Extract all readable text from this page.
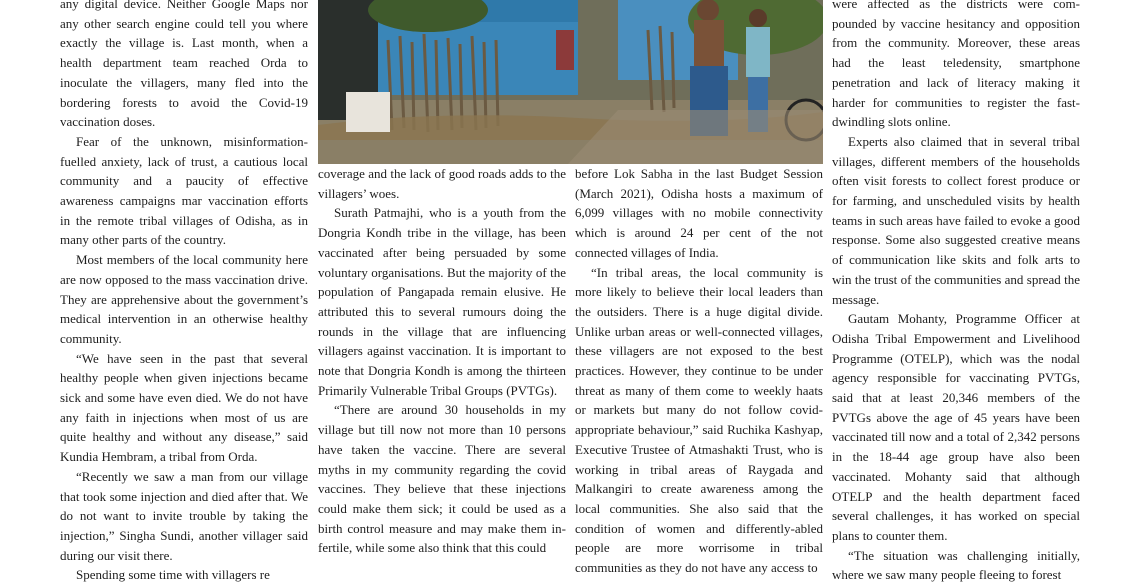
any digital device. Neither Google Maps nor any other search engine could tell you where exactly the village is. Last month, when a health department team reached Orda to inoculate the villagers, many fled into the bordering forests to avoid the Covid-19 vaccination doses.

Fear of the unknown, misinformation-fuelled anxiety, lack of trust, a cautious local community and a paucity of effective awareness campaigns mar vaccination efforts in the remote tribal villages of Odisha, as in many other parts of the country.

Most members of the local community here are now opposed to the mass vaccination drive. They are apprehensive about the government’s medical intervention in an otherwise healthy community.

“We have seen in the past that several healthy people when given injections became sick and some have even died. We do not have any faith in injections when most of us are quite healthy and without any disease,” said Kundia Hembram, a tribal from Orda.

“Recently we saw a man from our village that took some injection and died after that. We do not want to invite trouble by taking the injection,” Singha Sundi, another villager said during our visit there.

Spending some time with villagers re

coverage and the lack of good roads adds to the villagers’ woes.

Surath Patmajhi, who is a youth from the Dongria Kondh tribe in the village, has been vaccinated after being persuaded by some voluntary organisations. But the majority of the population of Pangapada remain elusive. He attributed this to several rumours doing the rounds in the village that are influencing villagers against vaccination. It is important to note that Dongria Kondh is among the thirteen Primarily Vulnerable Tribal Groups (PVTGs).

“There are around 30 households in my village but till now not more than 10 persons have taken the vaccine. There are several myths in my community regarding the covid vaccines. They believe that these injections could make them sick; it could be used as a birth control measure and may make them in-fertile, while some also think that this could

before Lok Sabha in the last Budget Session (March 2021), Odisha hosts a maximum of 6,099 villages with no mobile connectivity which is around 24 per cent of the not connected villages of India.

“In tribal areas, the local community is more likely to believe their local leaders than the outsiders. There is a huge digital divide. Unlike urban areas or well-connected villages, these villagers are not exposed to the best practices. However, they continue to be under threat as many of them come to weekly haats or markets but many do not follow covid-appropriate behaviour,” said Ruchika Kashyap, Executive Trustee of Atmashakti Trust, who is working in tribal areas of Raygada and Malkangiri to create awareness among the local communities. She also said that the condition of women and differently-abled people are more worrisome in tribal communities as they do not have any access to

were affected as the districts were com-pounded by vaccine hesitancy and opposition from the community. Moreover, these areas had the least teledensity, smartphone penetration and lack of literacy making it harder for communities to register the fast-dwindling slots online.

Experts also claimed that in several tribal villages, different members of the households often visit forests to collect forest produce or for farming, and unscheduled visits by health teams in such areas have failed to evoke a good response. Some also suggested creative means of communication like skits and folk arts to win the trust of the communities and spread the message.

Gautam Mohanty, Programme Officer at Odisha Tribal Empowerment and Livelihood Programme (OTELP), which was the nodal agency responsible for vaccinating PVTGs, said that at least 20,346 members of the PVTGs above the age of 45 years have been vaccinated till now and a total of 2,342 persons in the 18-44 age group have also been vaccinated. Mohanty said that although OTELP and the health department faced several challenges, it has worked on special plans to counter them.

“The situation was challenging initially, where we saw many people fleeing to forest
